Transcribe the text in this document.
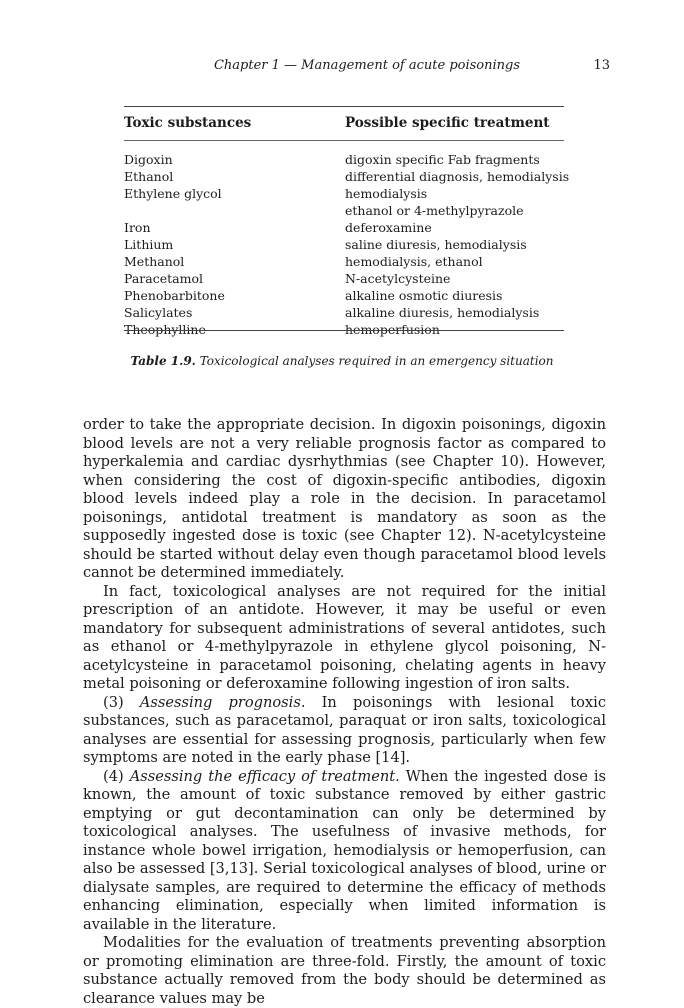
Chapter 1 — Management of acute poisonings	13
Toxic substances	Possible specific treatment
Digoxin	digoxin specific Fab fragments
Ethanol	differential diagnosis, hemodialysis
Ethylene glycol	hemodialysis
ethanol or 4-methylpyrazole
Iron	deferoxamine
Lithium	saline diuresis, hemodialysis
Methanol	hemodialysis, ethanol
Paracetamol	N-acetylcysteine
Phenobarbitone	alkaline osmotic diuresis
Salicylates	alkaline diuresis, hemodialysis
Theophylline	hemoperfusion
Table 1.9. Toxicological analyses required in an emergency situation

order to take the appropriate decision. In digoxin poisonings, digoxin blood levels are not a very reliable prognosis factor as compared to hyperkalemia and cardiac dysrhythmias (see Chapter 10). However, when considering the cost of digoxin-specific antibodies, digoxin blood levels indeed play a role in the decision. In paracetamol poisonings, antidotal treatment is mandatory as soon as the supposedly ingested dose is toxic (see Chapter 12). N-acetylcysteine should be started without delay even though paracetamol blood levels cannot be determined immediately.

In fact, toxicological analyses are not required for the initial prescription of an antidote. However, it may be useful or even mandatory for subsequent administrations of several antidotes, such as ethanol or 4-methylpyrazole in ethylene glycol poisoning, N-acetylcysteine in paracetamol poisoning, chelating agents in heavy metal poisoning or deferoxamine following ingestion of iron salts.

(3) Assessing prognosis. In poisonings with lesional toxic substances, such as paracetamol, paraquat or iron salts, toxicological analyses are essential for assessing prognosis, particularly when few symptoms are noted in the early phase [14].

(4) Assessing the efficacy of treatment. When the ingested dose is known, the amount of toxic substance removed by either gastric emptying or gut decontamination can only be determined by toxicological analyses. The usefulness of invasive methods, for instance whole bowel irrigation, hemodialysis or hemoperfusion, can also be assessed [3,13]. Serial toxicological analyses of blood, urine or dialysate samples, are required to determine the efficacy of methods enhancing elimination, especially when limited information is available in the literature.

Modalities for the evaluation of treatments preventing absorption or promoting elimination are three-fold. Firstly, the amount of toxic substance actually removed from the body should be determined as clearance values may be
